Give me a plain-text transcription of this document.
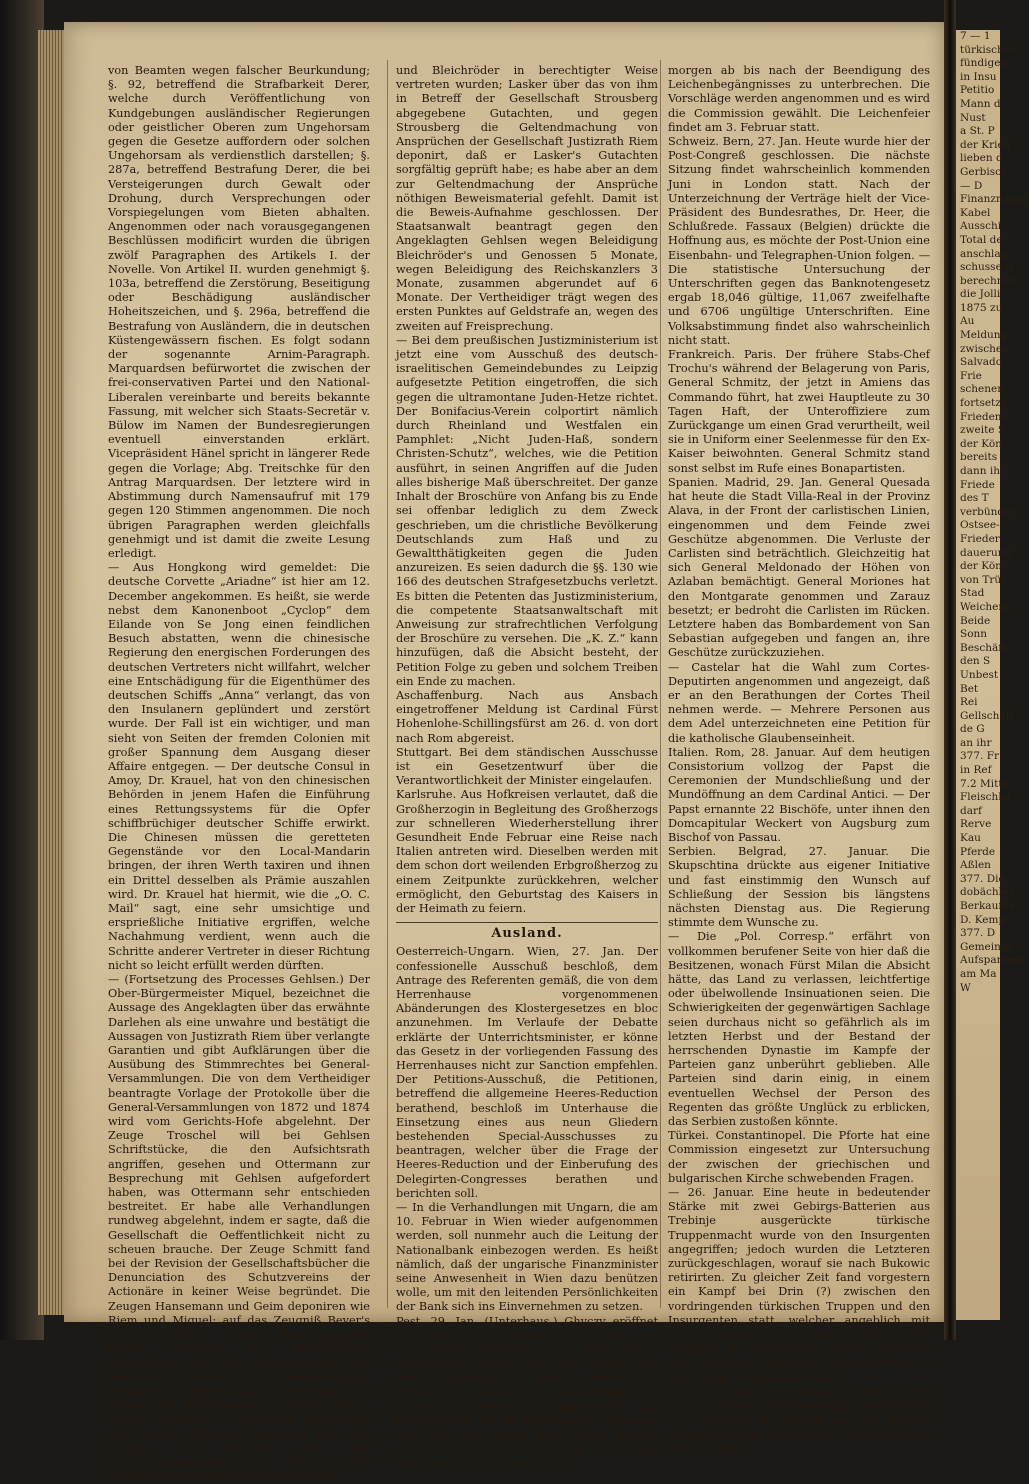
von Beamten wegen falscher Beurkundung; §. 92, betreffend die Strafbarkeit Derer, welche durch Veröffentlichung von Kundgebungen ausländischer Regierungen oder geistlicher Oberen zum Ungehorsam gegen die Gesetze auffordern oder solchen Ungehorsam als verdienstlich darstellen; §. 287a, betreffend Bestrafung Derer, die bei Versteigerungen durch Gewalt oder Drohung, durch Versprechungen oder Vorspiegelungen vom Bieten abhalten. Angenommen oder nach vorausgegangenen Beschlüssen modificirt wurden die übrigen zwölf Paragraphen des Artikels I. der Novelle. Von Artikel II. wurden genehmigt §. 103a, betreffend die Zerstörung, Beseitigung oder Beschädigung ausländischer Hoheitszeichen, und §. 296a, betreffend die Bestrafung von Ausländern, die in deutschen Küstengewässern fischen. Es folgt sodann der sogenannte Arnim-Paragraph. Marquardsen befürwortet die zwischen der frei-conservativen Partei und den National-Liberalen vereinbarte und bereits bekannte Fassung, mit welcher sich Staats-Secretär v. Bülow im Namen der Bundesregierungen eventuell einverstanden erklärt. Vicepräsident Hänel spricht in längerer Rede gegen die Vorlage; Abg. Treitschke für den Antrag Marquardsen. Der letztere wird in Abstimmung durch Namensaufruf mit 179 gegen 120 Stimmen angenommen. Die noch übrigen Paragraphen werden gleichfalls genehmigt und ist damit die zweite Lesung erledigt.

— Aus Hongkong wird gemeldet: Die deutsche Corvette „Ariadne“ ist hier am 12. December angekommen. Es heißt, sie werde nebst dem Kanonenboot „Cyclop“ dem Eilande von Se Jong einen feindlichen Besuch abstatten, wenn die chinesische Regierung den energischen Forderungen des deutschen Vertreters nicht willfahrt, welcher eine Entschädigung für die Eigenthümer des deutschen Schiffs „Anna“ verlangt, das von den Insulanern geplündert und zerstört wurde. Der Fall ist ein wichtiger, und man sieht von Seiten der fremden Colonien mit großer Spannung dem Ausgang dieser Affaire entgegen. — Der deutsche Consul in Amoy, Dr. Krauel, hat von den chinesischen Behörden in jenem Hafen die Einführung eines Rettungssystems für die Opfer schiffbrüchiger deutscher Schiffe erwirkt. Die Chinesen müssen die geretteten Gegenstände vor den Local-Mandarin bringen, der ihren Werth taxiren und ihnen ein Drittel desselben als Prämie auszahlen wird. Dr. Krauel hat hiermit, wie die „O. C. Mail“ sagt, eine sehr umsichtige und ersprießliche Initiative ergriffen, welche Nachahmung verdient, wenn auch die Schritte anderer Vertreter in dieser Richtung nicht so leicht erfüllt werden dürften.

— (Fortsetzung des Processes Gehlsen.) Der Ober-Bürgermeister Miquel, bezeichnet die Aussage des Angeklagten über das erwähnte Darlehen als eine unwahre und bestätigt die Aussagen von Justizrath Riem über verlangte Garantien und gibt Aufklärungen über die Ausübung des Stimmrechtes bei General-Versammlungen. Die von dem Vertheidiger beantragte Vorlage der Protokolle über die General-Versammlungen von 1872 und 1874 wird vom Gerichts-Hofe abgelehnt. Der Zeuge Troschel will bei Gehlsen Schriftstücke, die den Aufsichtsrath angriffen, gesehen und Ottermann zur Besprechung mit Gehlsen aufgefordert haben, was Ottermann sehr entschieden bestreitet. Er habe alle Verhandlungen rundweg abgelehnt, indem er sagte, daß die Gesellschaft die Oeffentlichkeit nicht zu scheuen brauche. Der Zeuge Schmitt fand bei der Revision der Gesellschaftsbücher die Denunciation des Schutzvereins der Actionäre in keiner Weise begründet. Die Zeugen Hansemann und Geim deponiren wie Riem und Miquel; auf das Zeugniß Beyer's wird verzichtet. Zeuge Regierungsrath Ewald erwähnt die Anordnungen Strousberg's bei der Actienausgabe und bezeichnet den von der Actiengesellschaft gezahlten Kaufpreis als übertrieben. Es erfolgte die Vernehmung der Zeugen Nizze, Töpfer, Reinhardt, Geheimrath Bleichröder und Lasker. Ersterer deponiren über die Actien, für welche auf der Generalversammlung von 1875 12,000 Stimmen durch Hansemann, Reinhardt

und Bleichröder in berechtigter Weise vertreten wurden; Lasker über das von ihm in Betreff der Gesellschaft Strousberg abgegebene Gutachten, und gegen Strousberg die Geltendmachung von Ansprüchen der Gesellschaft Justizrath Riem deponirt, daß er Lasker's Gutachten sorgfältig geprüft habe; es habe aber an dem zur Geltendmachung der Ansprüche nöthigen Beweismaterial gefehlt. Damit ist die Beweis-Aufnahme geschlossen. Der Staatsanwalt beantragt gegen den Angeklagten Gehlsen wegen Beleidigung Bleichröder's und Genossen 5 Monate, wegen Beleidigung des Reichskanzlers 3 Monate, zusammen abgerundet auf 6 Monate. Der Vertheidiger trägt wegen des ersten Punktes auf Geldstrafe an, wegen des zweiten auf Freisprechung.

— Bei dem preußischen Justizministerium ist jetzt eine vom Ausschuß des deutsch-israelitischen Gemeindebundes zu Leipzig aufgesetzte Petition eingetroffen, die sich gegen die ultramontane Juden-Hetze richtet. Der Bonifacius-Verein colportirt nämlich durch Rheinland und Westfalen ein Pamphlet: „Nicht Juden-Haß, sondern Christen-Schutz“, welches, wie die Petition ausführt, in seinen Angriffen auf die Juden alles bisherige Maß überschreitet. Der ganze Inhalt der Broschüre von Anfang bis zu Ende sei offenbar lediglich zu dem Zweck geschrieben, um die christliche Bevölkerung Deutschlands zum Haß und zu Gewaltthätigkeiten gegen die Juden anzureizen. Es seien dadurch die §§. 130 wie 166 des deutschen Strafgesetzbuchs verletzt. Es bitten die Petenten das Justizministerium, die competente Staatsanwaltschaft mit Anweisung zur strafrechtlichen Verfolgung der Broschüre zu versehen. Die „K. Z.“ kann hinzufügen, daß die Absicht besteht, der Petition Folge zu geben und solchem Treiben ein Ende zu machen.

Aschaffenburg. Nach aus Ansbach eingetroffener Meldung ist Cardinal Fürst Hohenlohe-Schillingsfürst am 26. d. von dort nach Rom abgereist.

Stuttgart. Bei dem ständischen Ausschusse ist ein Gesetzentwurf über die Verantwortlichkeit der Minister eingelaufen.

Karlsruhe. Aus Hofkreisen verlautet, daß die Großherzogin in Begleitung des Großherzogs zur schnelleren Wiederherstellung ihrer Gesundheit Ende Februar eine Reise nach Italien antreten wird. Dieselben werden mit dem schon dort weilenden Erbgroßherzog zu einem Zeitpunkte zurückkehren, welcher ermöglicht, den Geburtstag des Kaisers in der Heimath zu feiern.

Ausland.

Oesterreich-Ungarn. Wien, 27. Jan. Der confessionelle Ausschuß beschloß, dem Antrage des Referenten gemäß, die von dem Herrenhause vorgenommenen Abänderungen des Klostergesetzes en bloc anzunehmen. Im Verlaufe der Debatte erklärte der Unterrichtsminister, er könne das Gesetz in der vorliegenden Fassung des Herrenhauses nicht zur Sanction empfehlen. Der Petitions-Ausschuß, die Petitionen, betreffend die allgemeine Heeres-Reduction berathend, beschloß im Unterhause die Einsetzung eines aus neun Gliedern bestehenden Special-Ausschusses zu beantragen, welcher über die Frage der Heeres-Reduction und der Einberufung des Delegirten-Congresses berathen und berichten soll.

— In die Verhandlungen mit Ungarn, die am 10. Februar in Wien wieder aufgenommen werden, soll nunmehr auch die Leitung der Nationalbank einbezogen werden. Es heißt nämlich, daß der ungarische Finanzminister seine Anwesenheit in Wien dazu benützen wolle, um mit den leitenden Persönlichkeiten der Bank sich ins Einvernehmen zu setzen.

Pest, 29. Jan. (Unterhaus.) Ghyczy eröffnet die Sitzung mit einem feierlichen, tief ergreifenden Nachrufe für den heute Nacht verstorbenen Franz Deak und schlägt vor, eine Commission zu wählen, welche im Vereine mit den Verwandten, der Regierung und der Pester Municipalbehörde das Erforderliche für die Beerdigung veranlasse und das von morgen dem Hause Bericht erstatte. Der Präsident macht ferner den Vorschlag, die Sitzungen von

morgen ab bis nach der Beendigung des Leichenbegängnisses zu unterbrechen. Die Vorschläge werden angenommen und es wird die Commission gewählt. Die Leichenfeier findet am 3. Februar statt.

Schweiz. Bern, 27. Jan. Heute wurde hier der Post-Congreß geschlossen. Die nächste Sitzung findet wahrscheinlich kommenden Juni in London statt. Nach der Unterzeichnung der Verträge hielt der Vice-Präsident des Bundesrathes, Dr. Heer, die Schlußrede. Fassaux (Belgien) drückte die Hoffnung aus, es möchte der Post-Union eine Eisenbahn- und Telegraphen-Union folgen. — Die statistische Untersuchung der Unterschriften gegen das Banknotengesetz ergab 18,046 gültige, 11,067 zweifelhafte und 6706 ungültige Unterschriften. Eine Volksabstimmung findet also wahrscheinlich nicht statt.

Frankreich. Paris. Der frühere Stabs-Chef Trochu's während der Belagerung von Paris, General Schmitz, der jetzt in Amiens das Commando führt, hat zwei Hauptleute zu 30 Tagen Haft, der Unteroffiziere zum Zurückgange um einen Grad verurtheilt, weil sie in Uniform einer Seelenmesse für den Ex-Kaiser beiwohnten. General Schmitz stand sonst selbst im Rufe eines Bonapartisten.

Spanien. Madrid, 29. Jan. General Quesada hat heute die Stadt Villa-Real in der Provinz Alava, in der Front der carlistischen Linien, eingenommen und dem Feinde zwei Geschütze abgenommen. Die Verluste der Carlisten sind beträchtlich. Gleichzeitig hat sich General Meldonado der Höhen von Azlaban bemächtigt. General Moriones hat den Montgarate genommen und Zarauz besetzt; er bedroht die Carlisten im Rücken. Letztere haben das Bombardement von San Sebastian aufgegeben und fangen an, ihre Geschütze zurückzuziehen.

— Castelar hat die Wahl zum Cortes-Deputirten angenommen und angezeigt, daß er an den Berathungen der Cortes Theil nehmen werde. — Mehrere Personen aus dem Adel unterzeichneten eine Petition für die katholische Glaubenseinheit.

Italien. Rom, 28. Januar. Auf dem heutigen Consistorium vollzog der Papst die Ceremonien der Mundschließung und der Mundöffnung an dem Cardinal Antici. — Der Papst ernannte 22 Bischöfe, unter ihnen den Domcapitular Weckert von Augsburg zum Bischof von Passau.

Serbien. Belgrad, 27. Januar. Die Skupschtina drückte aus eigener Initiative und fast einstimmig den Wunsch auf Schließung der Session bis längstens nächsten Dienstag aus. Die Regierung stimmte dem Wunsche zu.

— Die „Pol. Corresp.“ erfährt von vollkommen berufener Seite von hier daß die Besitzenen, wonach Fürst Milan die Absicht hätte, das Land zu verlassen, leichtfertige oder übelwollende Insinuationen seien. Die Schwierigkeiten der gegenwärtigen Sachlage seien durchaus nicht so gefährlich als im letzten Herbst und der Bestand der herrschenden Dynastie im Kampfe der Parteien ganz unberührt geblieben. Alle Parteien sind darin einig, in einem eventuellen Wechsel der Person des Regenten das größte Unglück zu erblicken, das Serbien zustoßen könnte.

Türkei. Constantinopel. Die Pforte hat eine Commission eingesetzt zur Untersuchung der zwischen der griechischen und bulgarischen Kirche schwebenden Fragen.

— 26. Januar. Eine heute in bedeutender Stärke mit zwei Gebirgs-Batterien aus Trebinje ausgerückte türkische Truppenmacht wurde von den Insurgenten angegriffen; jedoch wurden die Letzteren zurückgeschlagen, worauf sie nach Bukowic retirirten. Zu gleicher Zeit fand vorgestern ein Kampf bei Drin (?) zwischen den vordringenden türkischen Truppen und den Insurgenten statt, welcher angeblich mit dem Rückzuge der Türken endigte. Zur Deckung des Rückzuges sollen schließlich die türkischen Schiffe mit Geschützfeuer in den Kampf eingegriffen haben.

— Ein officieller telegraphischer Bericht vom 27. d., welcher der Regierung zugekommen ist, sagt über die Kämpfe vom 26. Januar: Ahmed Mukhtar Pascha stieß auf den Höhen von Chounah

7 — 1
türkischen
fündigen
in Insu
Petitio
Mann d
Nust
a St. P
der Krieg
lieben d
Gerbisch
— D
Finanzminist
Kabel
Ausschi
Total de
anschlag
schusse w
berechnet
die Jolli
1875 zu
Au
Meldung
zwischen
Salvado
Frie
schenen
fortsetzu
Friedens
zweite S
der Kön
bereits
dann ihr
Friede
des T
verbündet
Ostsee-
Frieder
dauerung
der Kön
von Trüb
Stad
Weichent
Beide
Sonn
Beschäft
den S
Unbest
Bet
Rei
Gellschaft
de G
an ihr
377. Fr
in Ref
7.2 Mitte
Fleischha
darf
Rerve
Kau
Pferde
Aßlen
377. Die
dobächlen
Berkaufen
D. Kemp
377. D
Gemeinde
Aufspannen
am Ma
W
